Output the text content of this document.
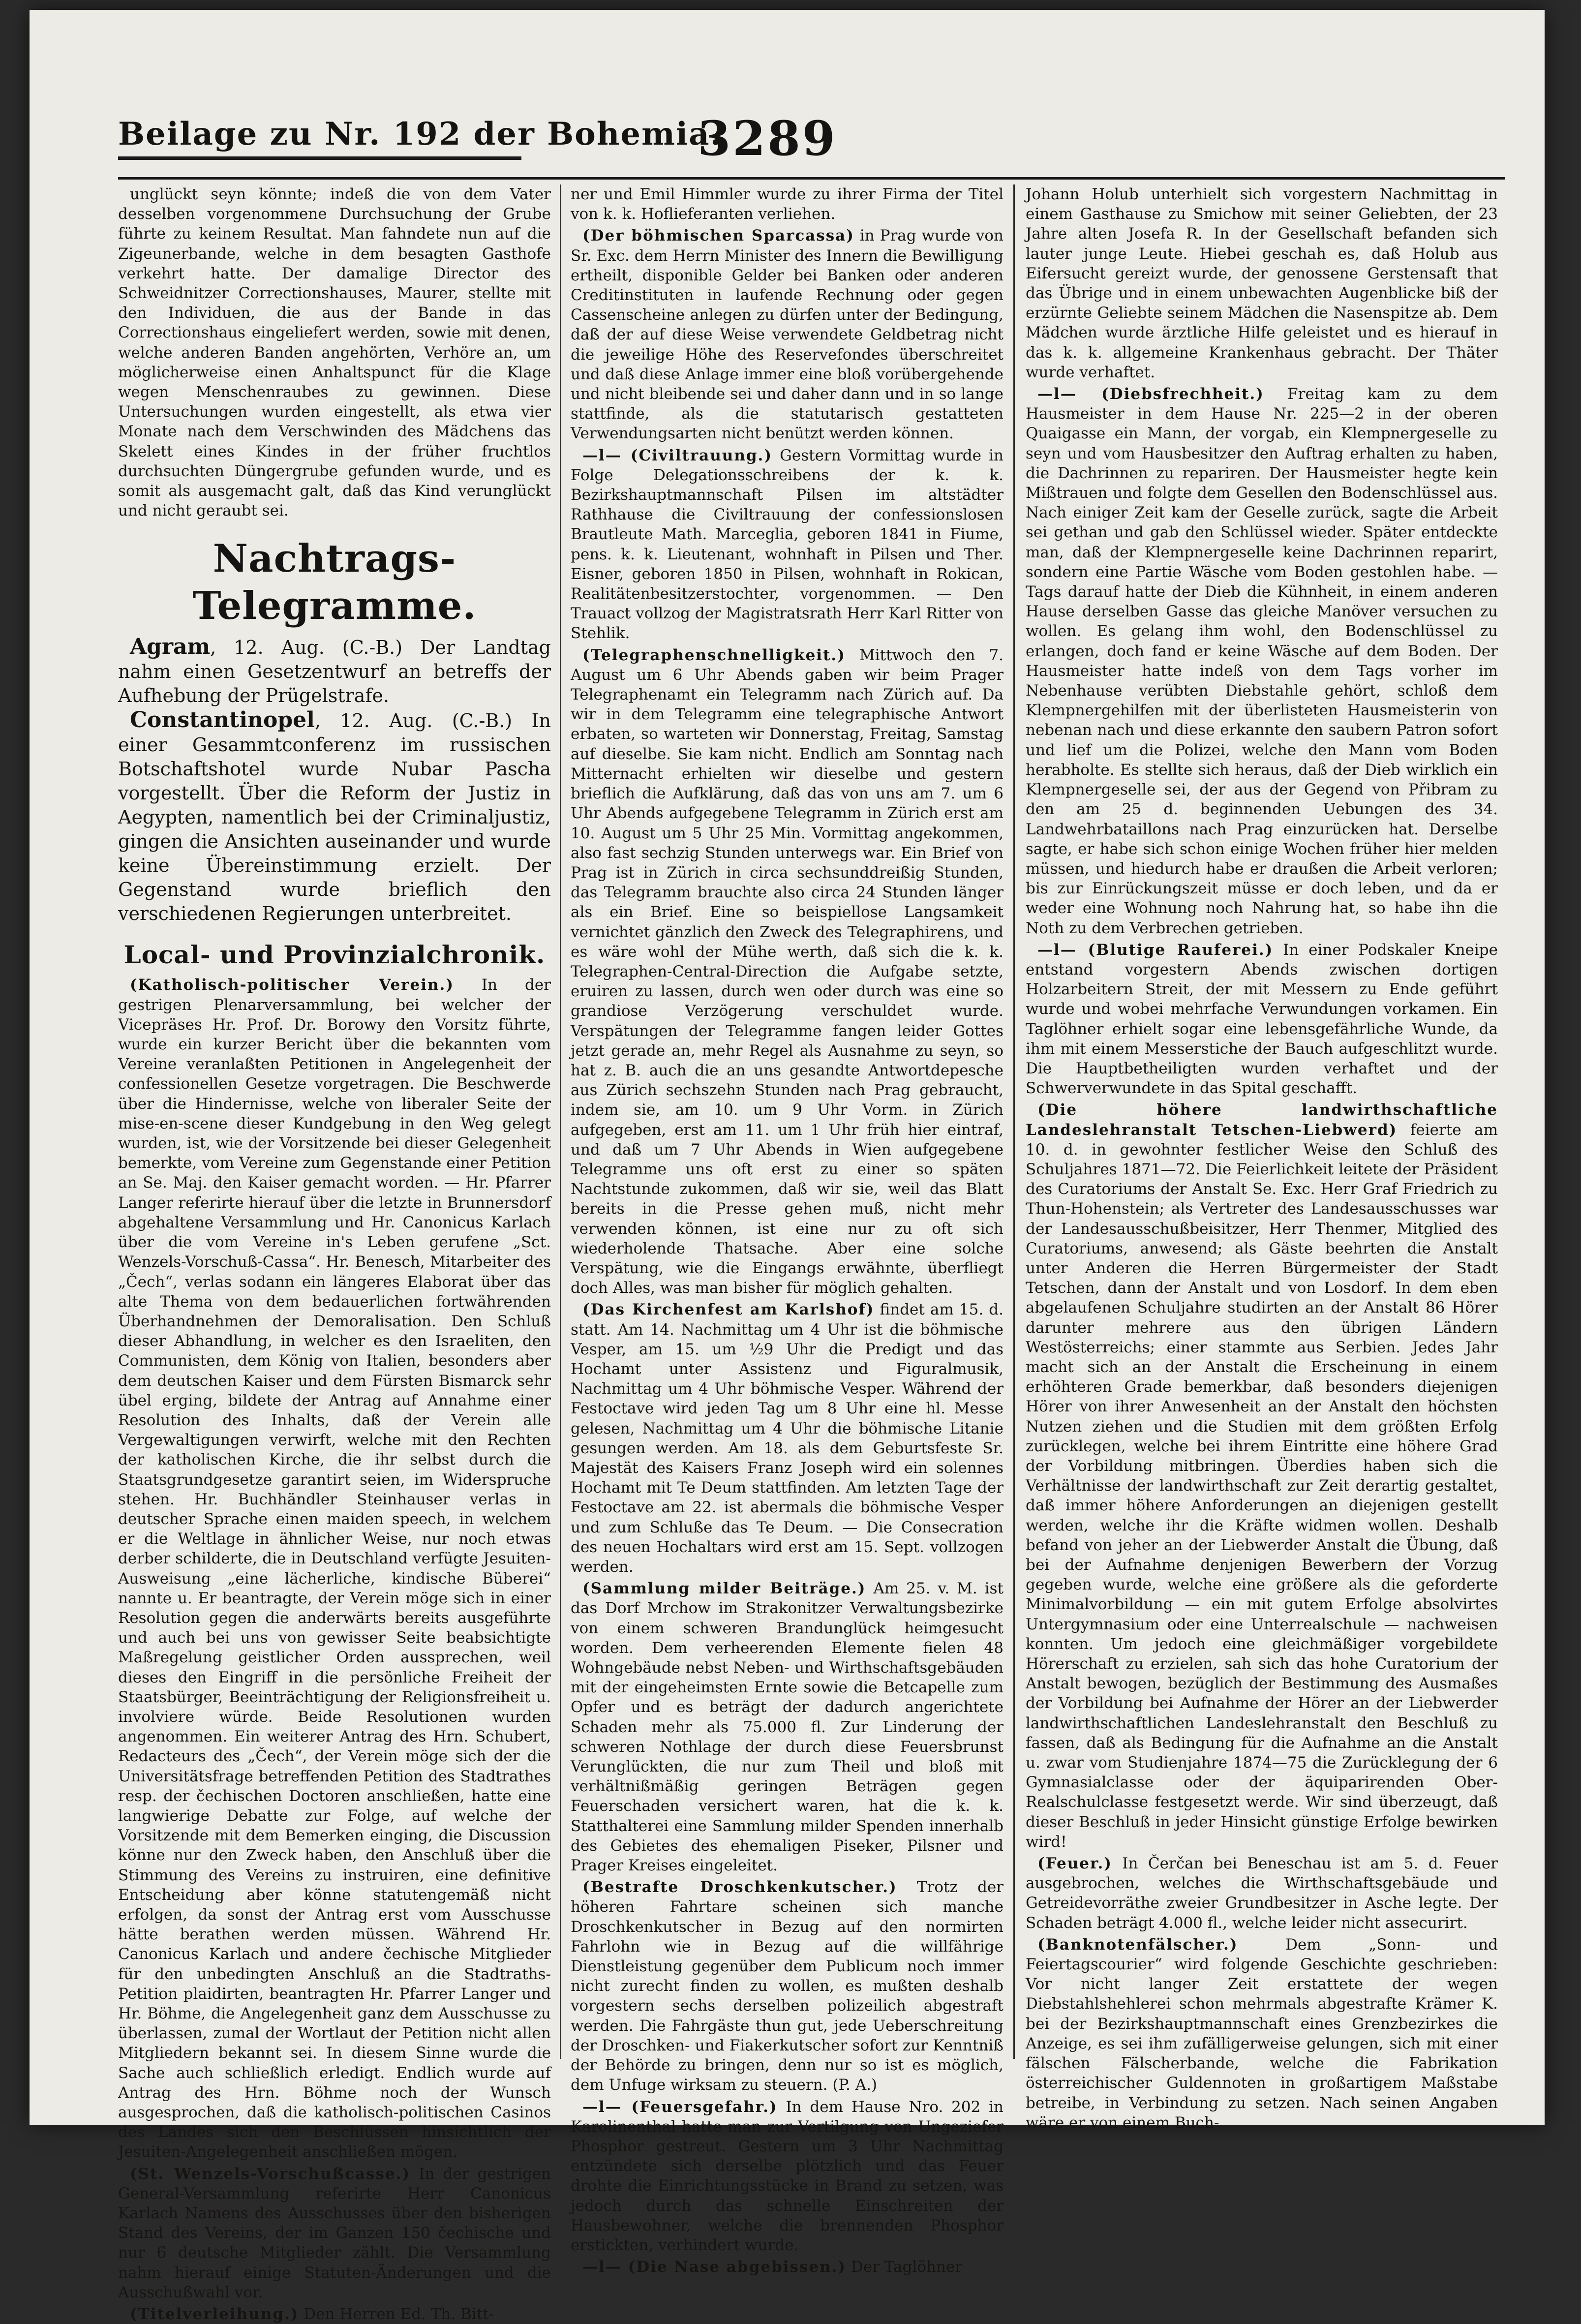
Beilage zu Nr. 192 der Bohemia.
3289

unglückt seyn könnte; indeß die von dem Vater desselben vorgenommene Durchsuchung der Grube führte zu keinem Resultat. Man fahndete nun auf die Zigeunerbande, welche in dem besagten Gasthofe verkehrt hatte. Der damalige Director des Schweidnitzer Correctionshauses, Maurer, stellte mit den Individuen, die aus der Bande in das Correctionshaus eingeliefert werden, sowie mit denen, welche anderen Banden angehörten, Verhöre an, um möglicherweise einen Anhaltspunct für die Klage wegen Menschenraubes zu gewinnen. Diese Untersuchungen wurden eingestellt, als etwa vier Monate nach dem Verschwinden des Mädchens das Skelett eines Kindes in der früher fruchtlos durchsuchten Düngergrube gefunden wurde, und es somit als ausgemacht galt, daß das Kind verunglückt und nicht geraubt sei.

Nachtrags-Telegramme.

Agram, 12. Aug. (C.-B.) Der Landtag nahm einen Gesetzentwurf an betreffs der Aufhebung der Prügelstrafe.

Constantinopel, 12. Aug. (C.-B.) In einer Gesammtconferenz im russischen Botschaftshotel wurde Nubar Pascha vorgestellt. Über die Reform der Justiz in Aegypten, namentlich bei der Criminaljustiz, gingen die Ansichten auseinander und wurde keine Übereinstimmung erzielt. Der Gegenstand wurde brieflich den verschiedenen Regierungen unterbreitet.

Local- und Provinzialchronik.

(Katholisch-politischer Verein.) In der gestrigen Plenarversammlung, bei welcher der Vicepräses Hr. Prof. Dr. Borowy den Vorsitz führte, wurde ein kurzer Bericht über die bekannten vom Vereine veranlaßten Petitionen in Angelegenheit der confessionellen Gesetze vorgetragen. Die Beschwerde über die Hindernisse, welche von liberaler Seite der mise-en-scene dieser Kundgebung in den Weg gelegt wurden, ist, wie der Vorsitzende bei dieser Gelegenheit bemerkte, vom Vereine zum Gegenstande einer Petition an Se. Maj. den Kaiser gemacht worden. — Hr. Pfarrer Langer referirte hierauf über die letzte in Brunnersdorf abgehaltene Versammlung und Hr. Canonicus Karlach über die vom Vereine in's Leben gerufene „Sct. Wenzels-Vorschuß-Cassa“. Hr. Benesch, Mitarbeiter des „Čech“, verlas sodann ein längeres Elaborat über das alte Thema von dem bedauerlichen fortwährenden Überhandnehmen der Demoralisation. Den Schluß dieser Abhandlung, in welcher es den Israeliten, den Communisten, dem König von Italien, besonders aber dem deutschen Kaiser und dem Fürsten Bismarck sehr übel erging, bildete der Antrag auf Annahme einer Resolution des Inhalts, daß der Verein alle Vergewaltigungen verwirft, welche mit den Rechten der katholischen Kirche, die ihr selbst durch die Staatsgrundgesetze garantirt seien, im Widerspruche stehen. Hr. Buchhändler Steinhauser verlas in deutscher Sprache einen maiden speech, in welchem er die Weltlage in ähnlicher Weise, nur noch etwas derber schilderte, die in Deutschland verfügte Jesuiten-Ausweisung „eine lächerliche, kindische Büberei“ nannte u. Er beantragte, der Verein möge sich in einer Resolution gegen die anderwärts bereits ausgeführte und auch bei uns von gewisser Seite beabsichtigte Maßregelung geistlicher Orden aussprechen, weil dieses den Eingriff in die persönliche Freiheit der Staatsbürger, Beeinträchtigung der Religionsfreiheit u. involviere würde. Beide Resolutionen wurden angenommen. Ein weiterer Antrag des Hrn. Schubert, Redacteurs des „Čech“, der Verein möge sich der die Universitätsfrage betreffenden Petition des Stadtrathes resp. der čechischen Doctoren anschließen, hatte eine langwierige Debatte zur Folge, auf welche der Vorsitzende mit dem Bemerken einging, die Discussion könne nur den Zweck haben, den Anschluß über die Stimmung des Vereins zu instruiren, eine definitive Entscheidung aber könne statutengemäß nicht erfolgen, da sonst der Antrag erst vom Ausschusse hätte berathen werden müssen. Während Hr. Canonicus Karlach und andere čechische Mitglieder für den unbedingten Anschluß an die Stadtraths-Petition plaidirten, beantragten Hr. Pfarrer Langer und Hr. Böhme, die Angelegenheit ganz dem Ausschusse zu überlassen, zumal der Wortlaut der Petition nicht allen Mitgliedern bekannt sei. In diesem Sinne wurde die Sache auch schließlich erledigt. Endlich wurde auf Antrag des Hrn. Böhme noch der Wunsch ausgesprochen, daß die katholisch-politischen Casinos des Landes sich den Beschlüssen hinsichtlich der Jesuiten-Angelegenheit anschließen mögen.

(St. Wenzels-Vorschußcasse.) In der gestrigen General-Versammlung referirte Herr Canonicus Karlach Namens des Ausschusses über den bisherigen Stand des Vereins, der im Ganzen 150 čechische und nur 6 deutsche Mitglieder zählt. Die Versammlung nahm hierauf einige Statuten-Änderungen und die Ausschußwahl vor.

(Titelverleihung.) Den Herren Ed. Th. Bitt-

ner und Emil Himmler wurde zu ihrer Firma der Titel von k. k. Hoflieferanten verliehen.

(Der böhmischen Sparcassa) in Prag wurde von Sr. Exc. dem Herrn Minister des Innern die Bewilligung ertheilt, disponible Gelder bei Banken oder anderen Creditinstituten in laufende Rechnung oder gegen Cassenscheine anlegen zu dürfen unter der Bedingung, daß der auf diese Weise verwendete Geldbetrag nicht die jeweilige Höhe des Reservefondes überschreitet und daß diese Anlage immer eine bloß vorübergehende und nicht bleibende sei und daher dann und in so lange stattfinde, als die statutarisch gestatteten Verwendungsarten nicht benützt werden können.

—l— (Civiltrauung.) Gestern Vormittag wurde in Folge Delegationsschreibens der k. k. Bezirkshauptmannschaft Pilsen im altstädter Rathhause die Civiltrauung der confessionslosen Brautleute Math. Marceglia, geboren 1841 in Fiume, pens. k. k. Lieutenant, wohnhaft in Pilsen und Ther. Eisner, geboren 1850 in Pilsen, wohnhaft in Rokican, Realitätenbesitzerstochter, vorgenommen. — Den Trauact vollzog der Magistratsrath Herr Karl Ritter von Stehlik.

(Telegraphenschnelligkeit.) Mittwoch den 7. August um 6 Uhr Abends gaben wir beim Prager Telegraphenamt ein Telegramm nach Zürich auf. Da wir in dem Telegramm eine telegraphische Antwort erbaten, so warteten wir Donnerstag, Freitag, Samstag auf dieselbe. Sie kam nicht. Endlich am Sonntag nach Mitternacht erhielten wir dieselbe und gestern brieflich die Aufklärung, daß das von uns am 7. um 6 Uhr Abends aufgegebene Telegramm in Zürich erst am 10. August um 5 Uhr 25 Min. Vormittag angekommen, also fast sechzig Stunden unterwegs war. Ein Brief von Prag ist in Zürich in circa sechsunddreißig Stunden, das Telegramm brauchte also circa 24 Stunden länger als ein Brief. Eine so beispiellose Langsamkeit vernichtet gänzlich den Zweck des Telegraphirens, und es wäre wohl der Mühe werth, daß sich die k. k. Telegraphen-Central-Direction die Aufgabe setzte, eruiren zu lassen, durch wen oder durch was eine so grandiose Verzögerung verschuldet wurde. Verspätungen der Telegramme fangen leider Gottes jetzt gerade an, mehr Regel als Ausnahme zu seyn, so hat z. B. auch die an uns gesandte Antwortdepesche aus Zürich sechszehn Stunden nach Prag gebraucht, indem sie, am 10. um 9 Uhr Vorm. in Zürich aufgegeben, erst am 11. um 1 Uhr früh hier eintraf, und daß um 7 Uhr Abends in Wien aufgegebene Telegramme uns oft erst zu einer so späten Nachtstunde zukommen, daß wir sie, weil das Blatt bereits in die Presse gehen muß, nicht mehr verwenden können, ist eine nur zu oft sich wiederholende Thatsache. Aber eine solche Verspätung, wie die Eingangs erwähnte, überfliegt doch Alles, was man bisher für möglich gehalten.

(Das Kirchenfest am Karlshof) findet am 15. d. statt. Am 14. Nachmittag um 4 Uhr ist die böhmische Vesper, am 15. um ½9 Uhr die Predigt und das Hochamt unter Assistenz und Figuralmusik, Nachmittag um 4 Uhr böhmische Vesper. Während der Festoctave wird jeden Tag um 8 Uhr eine hl. Messe gelesen, Nachmittag um 4 Uhr die böhmische Litanie gesungen werden. Am 18. als dem Geburtsfeste Sr. Majestät des Kaisers Franz Joseph wird ein solennes Hochamt mit Te Deum stattfinden. Am letzten Tage der Festoctave am 22. ist abermals die böhmische Vesper und zum Schluße das Te Deum. — Die Consecration des neuen Hochaltars wird erst am 15. Sept. vollzogen werden.

(Sammlung milder Beiträge.) Am 25. v. M. ist das Dorf Mrchow im Strakonitzer Verwaltungsbezirke von einem schweren Brandunglück heimgesucht worden. Dem verheerenden Elemente fielen 48 Wohngebäude nebst Neben- und Wirthschaftsgebäuden mit der eingeheimsten Ernte sowie die Betcapelle zum Opfer und es beträgt der dadurch angerichtete Schaden mehr als 75.000 fl. Zur Linderung der schweren Nothlage der durch diese Feuersbrunst Verunglückten, die nur zum Theil und bloß mit verhältnißmäßig geringen Beträgen gegen Feuerschaden versichert waren, hat die k. k. Statthalterei eine Sammlung milder Spenden innerhalb des Gebietes des ehemaligen Piseker, Pilsner und Prager Kreises eingeleitet.

(Bestrafte Droschkenkutscher.) Trotz der höheren Fahrtare scheinen sich manche Droschkenkutscher in Bezug auf den normirten Fahrlohn wie in Bezug auf die willfährige Dienstleistung gegenüber dem Publicum noch immer nicht zurecht finden zu wollen, es mußten deshalb vorgestern sechs derselben polizeilich abgestraft werden. Die Fahrgäste thun gut, jede Ueberschreitung der Droschken- und Fiakerkutscher sofort zur Kenntniß der Behörde zu bringen, denn nur so ist es möglich, dem Unfuge wirksam zu steuern. (P. A.)

—l— (Feuersgefahr.) In dem Hause Nro. 202 in Karolinenthal hatte man zur Vertilgung von Ungeziefer Phosphor gestreut. Gestern um 3 Uhr Nachmittag entzündete sich derselbe plötzlich und das Feuer drohte die Einrichtungsstücke in Brand zu setzen, was jedoch durch das schnelle Einschreiten der Hausbewohner, welche die brennenden Phosphor erstickten, verhindert wurde.

—l— (Die Nase abgebissen.) Der Taglöhner

Johann Holub unterhielt sich vorgestern Nachmittag in einem Gasthause zu Smichow mit seiner Geliebten, der 23 Jahre alten Josefa R. In der Gesellschaft befanden sich lauter junge Leute. Hiebei geschah es, daß Holub aus Eifersucht gereizt wurde, der genossene Gerstensaft that das Übrige und in einem unbewachten Augenblicke biß der erzürnte Geliebte seinem Mädchen die Nasenspitze ab. Dem Mädchen wurde ärztliche Hilfe geleistet und es hierauf in das k. k. allgemeine Krankenhaus gebracht. Der Thäter wurde verhaftet.

—l— (Diebsfrechheit.) Freitag kam zu dem Hausmeister in dem Hause Nr. 225—2 in der oberen Quaigasse ein Mann, der vorgab, ein Klempnergeselle zu seyn und vom Hausbesitzer den Auftrag erhalten zu haben, die Dachrinnen zu repariren. Der Hausmeister hegte kein Mißtrauen und folgte dem Gesellen den Bodenschlüssel aus. Nach einiger Zeit kam der Geselle zurück, sagte die Arbeit sei gethan und gab den Schlüssel wieder. Später entdeckte man, daß der Klempnergeselle keine Dachrinnen reparirt, sondern eine Partie Wäsche vom Boden gestohlen habe. — Tags darauf hatte der Dieb die Kühnheit, in einem anderen Hause derselben Gasse das gleiche Manöver versuchen zu wollen. Es gelang ihm wohl, den Bodenschlüssel zu erlangen, doch fand er keine Wäsche auf dem Boden. Der Hausmeister hatte indeß von dem Tags vorher im Nebenhause verübten Diebstahle gehört, schloß dem Klempnergehilfen mit der überlisteten Hausmeisterin von nebenan nach und diese erkannte den saubern Patron sofort und lief um die Polizei, welche den Mann vom Boden herabholte. Es stellte sich heraus, daß der Dieb wirklich ein Klempnergeselle sei, der aus der Gegend von Přibram zu den am 25 d. beginnenden Uebungen des 34. Landwehrbataillons nach Prag einzurücken hat. Derselbe sagte, er habe sich schon einige Wochen früher hier melden müssen, und hiedurch habe er draußen die Arbeit verloren; bis zur Einrückungszeit müsse er doch leben, und da er weder eine Wohnung noch Nahrung hat, so habe ihn die Noth zu dem Verbrechen getrieben.

—l— (Blutige Rauferei.) In einer Podskaler Kneipe entstand vorgestern Abends zwischen dortigen Holzarbeitern Streit, der mit Messern zu Ende geführt wurde und wobei mehrfache Verwundungen vorkamen. Ein Taglöhner erhielt sogar eine lebensgefährliche Wunde, da ihm mit einem Messerstiche der Bauch aufgeschlitzt wurde. Die Hauptbetheiligten wurden verhaftet und der Schwerverwundete in das Spital geschafft.

(Die höhere landwirthschaftliche Landeslehranstalt Tetschen-Liebwerd) feierte am 10. d. in gewohnter festlicher Weise den Schluß des Schuljahres 1871—72. Die Feierlichkeit leitete der Präsident des Curatoriums der Anstalt Se. Exc. Herr Graf Friedrich zu Thun-Hohenstein; als Vertreter des Landesausschusses war der Landesausschußbeisitzer, Herr Thenmer, Mitglied des Curatoriums, anwesend; als Gäste beehrten die Anstalt unter Anderen die Herren Bürgermeister der Stadt Tetschen, dann der Anstalt und von Losdorf. In dem eben abgelaufenen Schuljahre studirten an der Anstalt 86 Hörer darunter mehrere aus den übrigen Ländern Westösterreichs; einer stammte aus Serbien. Jedes Jahr macht sich an der Anstalt die Erscheinung in einem erhöhteren Grade bemerkbar, daß besonders diejenigen Hörer von ihrer Anwesenheit an der Anstalt den höchsten Nutzen ziehen und die Studien mit dem größten Erfolg zurücklegen, welche bei ihrem Eintritte eine höhere Grad der Vorbildung mitbringen. Überdies haben sich die Verhältnisse der landwirthschaft zur Zeit derartig gestaltet, daß immer höhere Anforderungen an diejenigen gestellt werden, welche ihr die Kräfte widmen wollen. Deshalb befand von jeher an der Liebwerder Anstalt die Übung, daß bei der Aufnahme denjenigen Bewerbern der Vorzug gegeben wurde, welche eine größere als die geforderte Minimalvorbildung — ein mit gutem Erfolge absolvirtes Untergymnasium oder eine Unterrealschule — nachweisen konnten. Um jedoch eine gleichmäßiger vorgebildete Hörerschaft zu erzielen, sah sich das hohe Curatorium der Anstalt bewogen, bezüglich der Bestimmung des Ausmaßes der Vorbildung bei Aufnahme der Hörer an der Liebwerder landwirthschaftlichen Landeslehranstalt den Beschluß zu fassen, daß als Bedingung für die Aufnahme an die Anstalt u. zwar vom Studienjahre 1874—75 die Zurücklegung der 6 Gymnasialclasse oder der äquiparirenden Ober-Realschulclasse festgesetzt werde. Wir sind überzeugt, daß dieser Beschluß in jeder Hinsicht günstige Erfolge bewirken wird!

(Feuer.) In Čerčan bei Beneschau ist am 5. d. Feuer ausgebrochen, welches die Wirthschaftsgebäude und Getreidevorräthe zweier Grundbesitzer in Asche legte. Der Schaden beträgt 4.000 fl., welche leider nicht assecurirt.

(Banknotenfälscher.) Dem „Sonn- und Feiertagscourier“ wird folgende Geschichte geschrieben: Vor nicht langer Zeit erstattete der wegen Diebstahlshehlerei schon mehrmals abgestrafte Krämer K. bei der Bezirkshauptmannschaft eines Grenzbezirkes die Anzeige, es sei ihm zufälligerweise gelungen, sich mit einer fälschen Fälscherbande, welche die Fabrikation österreichischer Guldennoten in großartigem Maßstabe betreibe, in Verbindung zu setzen. Nach seinen Angaben wäre er von einem Buch-
